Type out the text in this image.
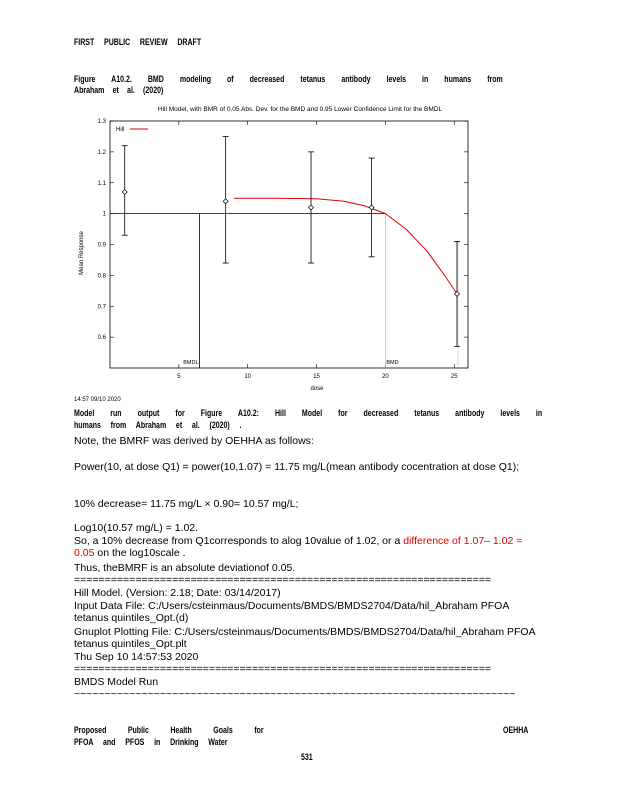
FIRST PUBLIC REVIEW DRAFT
Figure A10.2. BMD modeling of decreased tetanus antibody levels in humans from
Abraham et al. (2020)
Hill Model, with BMR of 0.05 Abs. Dev. for the BMD and 0.95 Lower Confidence Limit for the BMDL
0.6
0.7
0.8
0.9
1
1.1
1.2
1.3
5	10	15	20	25
BMDL	BMD
dose
Mean Response
14:57 09/10 2020
Hill
Model run output for Figure A10.2: Hill Model for decreased tetanus antibody levels in
humans from Abraham et al. (2020) .
Note, the BMRF was derived by OEHHA as follows:
Power(10, at dose Q1) = power(10,1.07) = 11.75 mg/L(mean antibody cocentration at dose Q1);
10% decrease= 11.75 mg/L × 0.90= 10.57 mg/L;
Log10(10.57 mg/L) = 1.02.
So, a 10% decrease from Q1corresponds to alog 10value of 1.02, or a difference of 1.07– 1.02 = 0.05 on the log10scale .
Thus, theBMRF is an absolute deviationof 0.05.
====================================================================
Hill Model. (Version: 2.18; Date: 03/14/2017)
Input Data File: C:/Users/csteinmaus/Documents/BMDS/BMDS2704/Data/hil_Abraham PFOA tetanus quintiles_Opt.(d)
Gnuplot Plotting File: C:/Users/csteinmaus/Documents/BMDS/BMDS2704/Data/hil_Abraham PFOA tetanus quintiles_Opt.plt
Thu Sep 10 14:57:53 2020
====================================================================
BMDS Model Run
~~~~~~~~~~~~~~~~~~~~~~~~~~~~~~~~~~~~~~~~~~~~~~~~~~~~~~~~~~~~~~~~~~~~~~~~
Proposed Public Health Goals for
PFOA and PFOS in Drinking Water
OEHHA
531
